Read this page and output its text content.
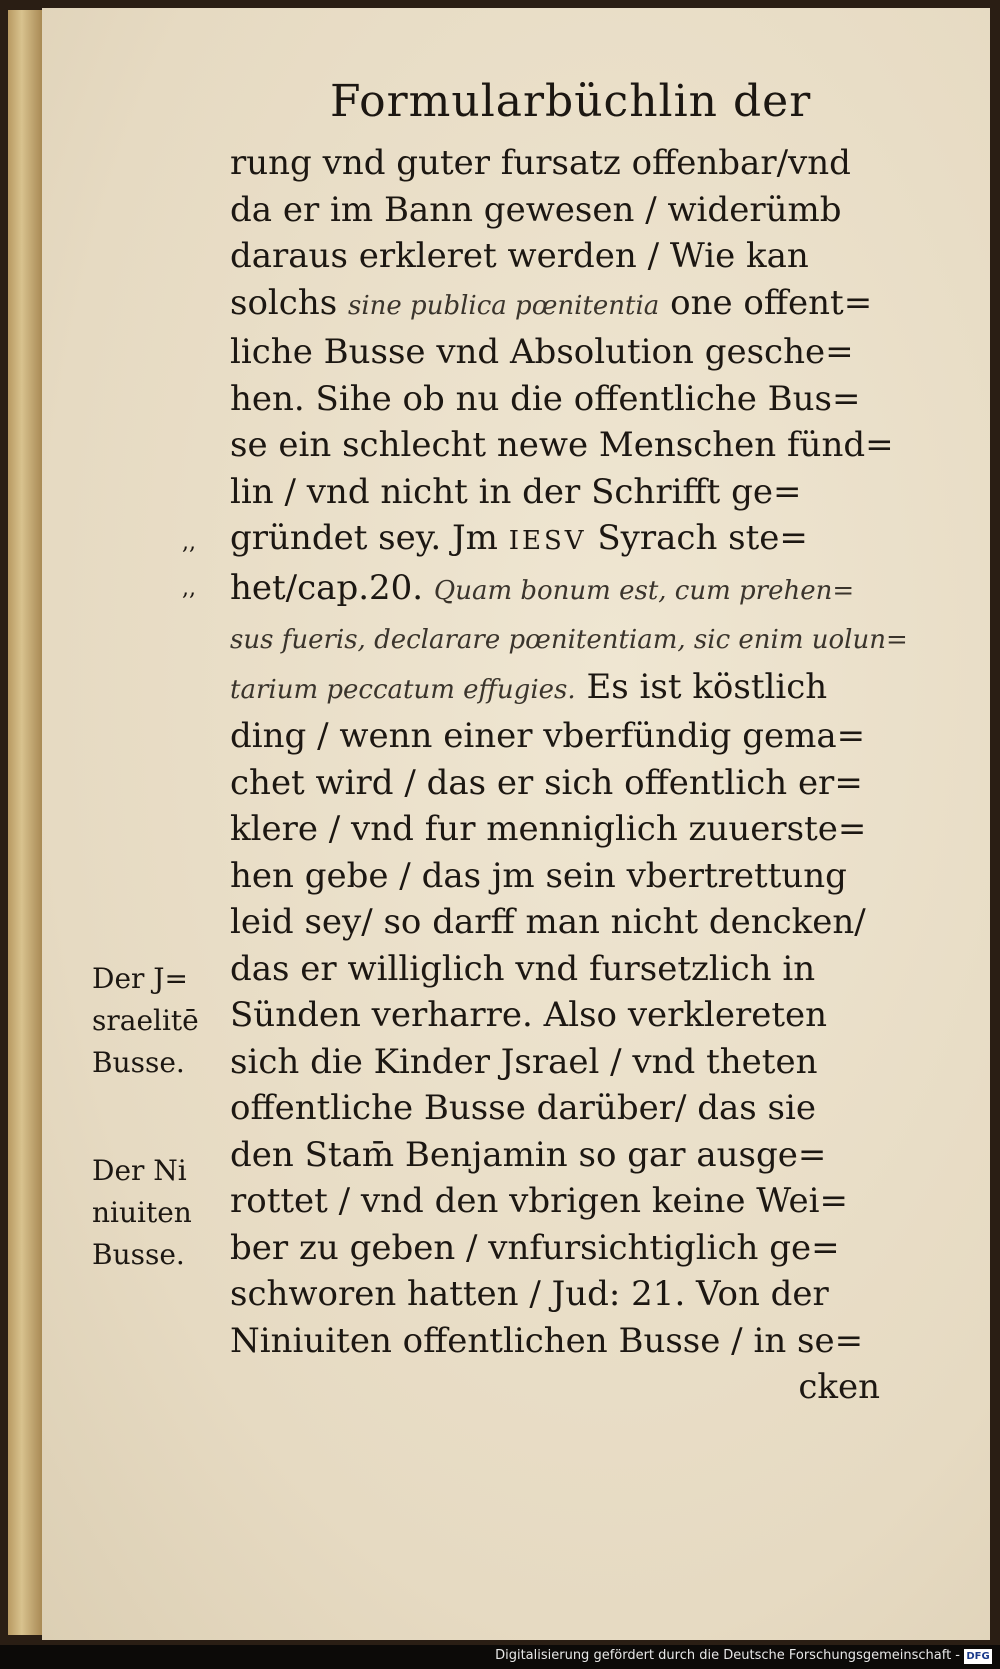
Formularbüchlin der
rung vnd guter fursatz offenbar/vnd
da er im Bann gewesen / widerümb
daraus erkleret werden / Wie kan
solchs sine publica pœnitentia one offent=
liche Busse vnd Absolution gesche=
hen. Sihe ob nu die offentliche Bus=
se ein schlecht newe Menschen fünd=
lin / vnd nicht in der Schrifft ge=
gründet sey. Jm IESV Syrach ste=
het/cap.20. Quam bonum est, cum prehen=
sus fueris, declarare pœnitentiam, sic enim uolun=
tarium peccatum effugies. Es ist köstlich
ding / wenn einer vberfündig gema=
chet wird / das er sich offentlich er=
klere / vnd fur menniglich zuuerste=
hen gebe / das jm sein vbertrettung
leid sey/ so darff man nicht dencken/
das er williglich vnd fursetzlich in
Sünden verharre. Also verklereten
sich die Kinder Jsrael / vnd theten
offentliche Busse darüber/ das sie
den Stam̄ Benjamin so gar ausge=
rottet / vnd den vbrigen keine Wei=
ber zu geben / vnfursichtiglich ge=
schworen hatten / Jud: 21. Von der
Niniuiten offentlichen Busse / in se=
cken
,,
,,
Der J=
sraelitē
Busse.
Der Ni
niuiten
Busse.
Digitalisierung gefördert durch die Deutsche Forschungsgemeinschaft - DFG
